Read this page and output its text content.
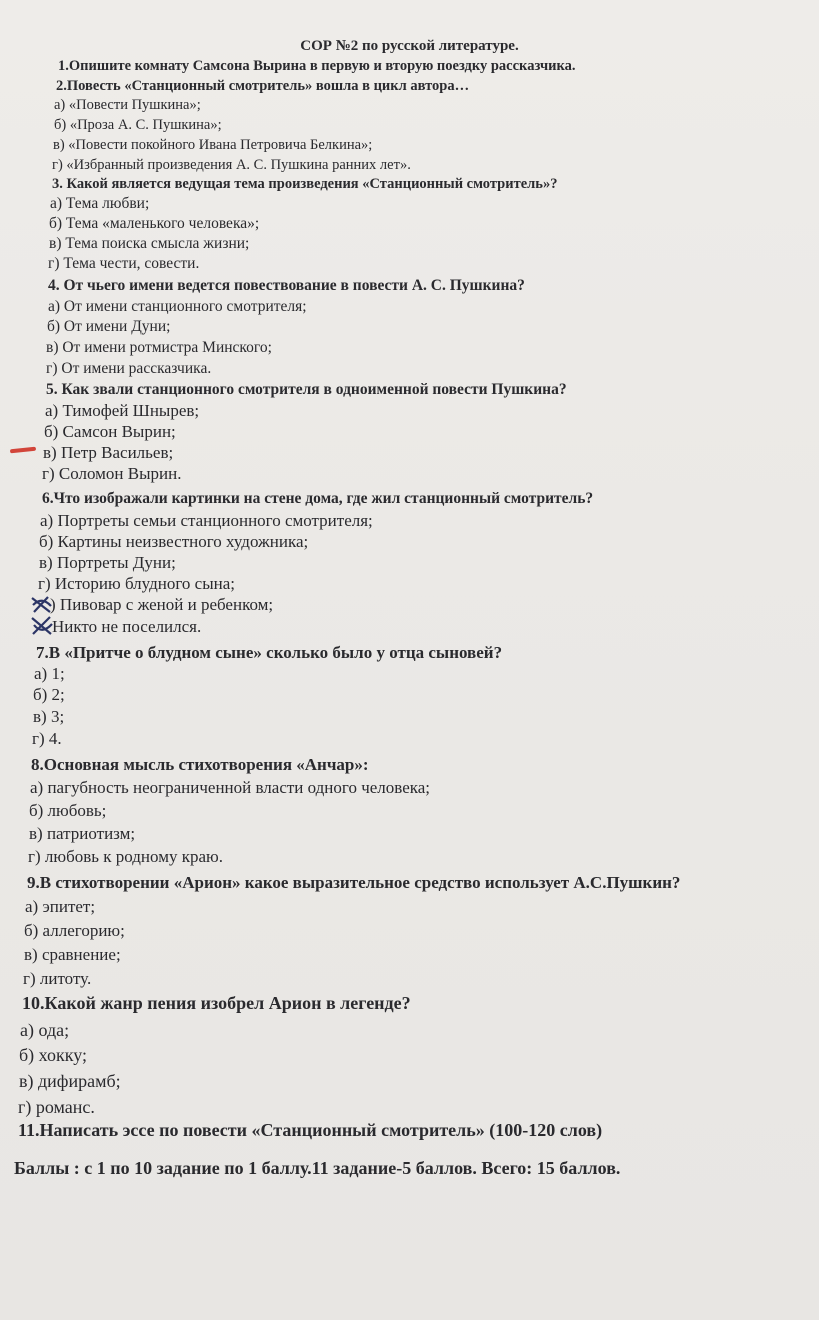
СОР №2 по русской литературе.

1.Опишите комнату Самсона Вырина в первую и вторую поездку рассказчика.

2.Повесть «Станционный смотритель» вошла в цикл автора…

а) «Повести Пушкина»;

б) «Проза А. С. Пушкина»;

в) «Повести покойного Ивана Петровича Белкина»;

г) «Избранный произведения А. С. Пушкина ранних лет».

3. Какой является ведущая тема произведения «Станционный смотритель»?

а) Тема любви;

б) Тема «маленького человека»;

в) Тема поиска смысла жизни;

г) Тема чести, совести.

4. От чьего имени ведется повествование в повести А. С. Пушкина?

а) От имени станционного смотрителя;

б) От имени Дуни;

в) От имени ротмистра Минского;

г) От имени рассказчика.

5. Как звали станционного смотрителя в одноименной повести Пушкина?

а) Тимофей Шнырев;

б) Самсон Вырин;

в) Петр Васильев;

г) Соломон Вырин.

6.Что изображали картинки на стене дома, где жил станционный смотритель?

а) Портреты семьи станционного смотрителя;

б) Картины неизвестного художника;

в) Портреты Дуни;

г) Историю блудного сына;

) Пивовар с женой и ребенком;

Никто не поселился.

7.В «Притче о блудном сыне» сколько было у отца сыновей?

а) 1;

б) 2;

в) 3;

г) 4.

8.Основная мысль стихотворения «Анчар»:

а) пагубность неограниченной власти одного человека;

б) любовь;

в) патриотизм;

г) любовь к родному краю.

9.В стихотворении «Арион» какое выразительное средство использует А.С.Пушкин?

а) эпитет;

б) аллегорию;

в) сравнение;

г) литоту.

10.Какой жанр пения изобрел Арион в легенде?

а) ода;

б) хокку;

в) дифирамб;

г) романс.

11.Написать эссе по повести «Станционный смотритель» (100-120 слов)

Баллы : с 1 по 10 задание по 1 баллу.11 задание-5 баллов. Всего: 15 баллов.
